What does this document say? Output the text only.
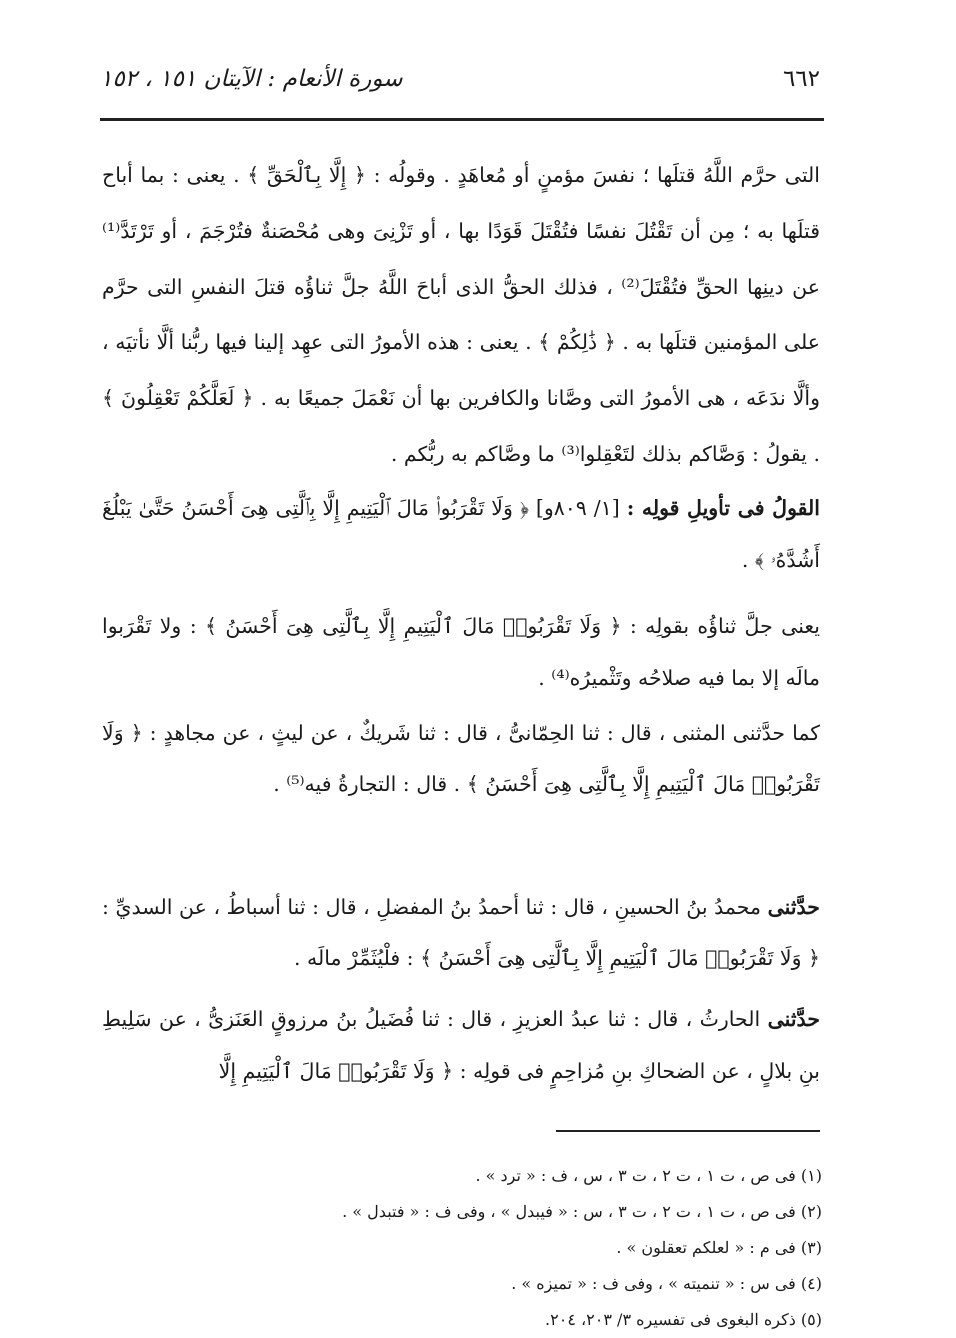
٦٦٢
سورة الأنعام : الآيتان ١٥١ ، ١٥٢
التى حرَّم اللَّهُ قتلَها ؛ نفسَ مؤمنٍ أو مُعاهَدٍ . وقولُه : ﴿ إِلَّا بِٱلْحَقِّ ﴾ . يعنى : بما أباح قتلَها به ؛ مِن أن تَقْتُلَ نفسًا فتُقْتَلَ قَوَدًا بها ، أو تَزْنِىَ وهى مُحْصَنةٌ فتُرْجَمَ ، أو تَرْتَدَّ⁽¹⁾ عن دينِها الحقِّ فتُقْتَلَ⁽²⁾ ، فذلك الحقُّ الذى أباحَ اللَّهُ جلَّ ثناؤُه قتلَ النفسِ التى حرَّم على المؤمنين قتلَها به . ﴿ ذَٰلِكُمْ ﴾ . يعنى : هذه الأمورُ التى عهِد إلينا فيها ربُّنا ألَّا نأتيَه ، وألَّا ندَعَه ، هى الأمورُ التى وصَّانا والكافرين بها أن نَعْمَلَ جميعًا به . ﴿ لَعَلَّكُمْ تَعْقِلُونَ ﴾ . يقولُ : وَصَّاكم بذلك لتَعْقِلوا⁽³⁾ ما وصَّاكم به ربُّكم .
القولُ فى تأويلِ قولِه : [١/ ٨٠٩و] ﴿ وَلَا تَقْرَبُوا۟ مَالَ ٱلْيَتِيمِ إِلَّا بِٱلَّتِى هِىَ أَحْسَنُ حَتَّىٰ يَبْلُغَ أَشُدَّهُۥ ﴾ .
يعنى جلَّ ثناؤُه بقولِه : ﴿ وَلَا تَقْرَبُوا۟ مَالَ ٱلْيَتِيمِ إِلَّا بِٱلَّتِى هِىَ أَحْسَنُ ﴾ : ولا تَقْرَبوا مالَه إلا بما فيه صلاحُه وتَثْميرُه⁽⁴⁾ .
كما حدَّثنى المثنى ، قال : ثنا الحِمّانىُّ ، قال : ثنا شَريكٌ ، عن ليثٍ ، عن مجاهدٍ : ﴿ وَلَا تَقْرَبُوا۟ مَالَ ٱلْيَتِيمِ إِلَّا بِٱلَّتِى هِىَ أَحْسَنُ ﴾ . قال : التجارةُ فيه⁽⁵⁾ .
حدَّثنى محمدُ بنُ الحسينِ ، قال : ثنا أحمدُ بنُ المفضلِ ، قال : ثنا أسباطُ ، عن السديِّ : ﴿ وَلَا تَقْرَبُوا۟ مَالَ ٱلْيَتِيمِ إِلَّا بِٱلَّتِى هِىَ أَحْسَنُ ﴾ : فلْيُثَمِّرْ مالَه .
حدَّثنى الحارثُ ، قال : ثنا عبدُ العزيزِ ، قال : ثنا فُضَيلُ بنُ مرزوقٍ العَنَزىُّ ، عن سَلِيطِ بنِ بلالٍ ، عن الضحاكِ بنِ مُزاحِمٍ فى قولِه : ﴿ وَلَا تَقْرَبُوا۟ مَالَ ٱلْيَتِيمِ إِلَّا
(١) فى ص ، ت ١ ، ت ٢ ، ت ٣ ، س ، ف : « ترد » .
(٢) فى ص ، ت ١ ، ت ٢ ، ت ٣ ، س : « فيبدل » ، وفى ف : « فتبدل » .
(٣) فى م : « لعلكم تعقلون » .
(٤) فى س : « تنميته » ، وفى ف : « تميزه » .
(٥) ذكره البغوى فى تفسيره ٣/ ٢٠٣، ٢٠٤.
